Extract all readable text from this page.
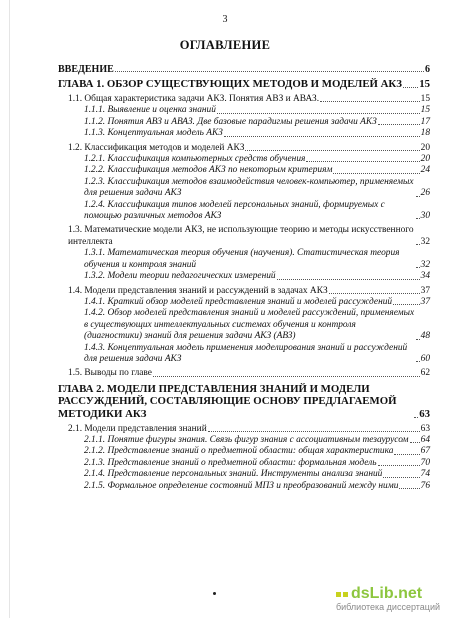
3
ОГЛАВЛЕНИЕ
ВВЕДЕНИЕ	6
ГЛАВА 1. ОБЗОР СУЩЕСТВУЮЩИХ МЕТОДОВ И МОДЕЛЕЙ АКЗ 15
1.1. Общая характеристика задачи АКЗ. Понятия АВЗ и АВАЗ.	15
1.1.1. Выявление и оценка знаний	15
1.1.2. Понятия АВЗ и АВАЗ. Две базовые парадигмы решения задачи АКЗ	17
1.1.3. Концептуальная модель АКЗ	18
1.2. Классификация методов и моделей АКЗ	20
1.2.1. Классификация компьютерных средств обучения	20
1.2.2. Классификация методов АКЗ по некоторым критериям	24
1.2.3. Классификация методов взаимодействия человек-компьютер, применяемых для решения задачи АКЗ	26
1.2.4. Классификация типов моделей персональных знаний, формируемых с помощью различных методов АКЗ	30
1.3. Математические модели АКЗ, не использующие теорию и методы искусственного интеллекта	32
1.3.1. Математическая теория обучения (научения). Статистическая теория обучения и контроля знаний	32
1.3.2. Модели теории педагогических измерений	34
1.4. Модели представления знаний и рассуждений в задачах АКЗ	37
1.4.1. Краткий обзор моделей представления знаний и моделей рассуждений	37
1.4.2. Обзор моделей представления знаний и моделей рассуждений, применяемых в существующих интеллектуальных системах обучения и контроля (диагностики) знаний для решения задачи АКЗ (АВЗ)	48
1.4.3. Концептуальная модель применения моделирования знаний и рассуждений для решения задачи АКЗ	60
1.5. Выводы по главе	62
ГЛАВА 2. МОДЕЛИ ПРЕДСТАВЛЕНИЯ ЗНАНИЙ И МОДЕЛИ РАССУЖДЕНИЙ, СОСТАВЛЯЮЩИЕ ОСНОВУ ПРЕДЛАГАЕМОЙ МЕТОДИКИ АКЗ	63
2.1. Модели представления знаний	63
2.1.1. Понятие фигуры знания. Связь фигур знания с ассоциативным тезаурусом 64
2.1.2. Представление знаний о предметной области: общая характеристика	67
2.1.3. Представление знаний о предметной области: формальная модель	70
2.1.4. Представление персональных знаний. Инструменты анализа знаний	74
2.1.5. Формальное определение состояний МПЗ и преобразований между ними 76
dsLib.net
библиотека диссертаций
